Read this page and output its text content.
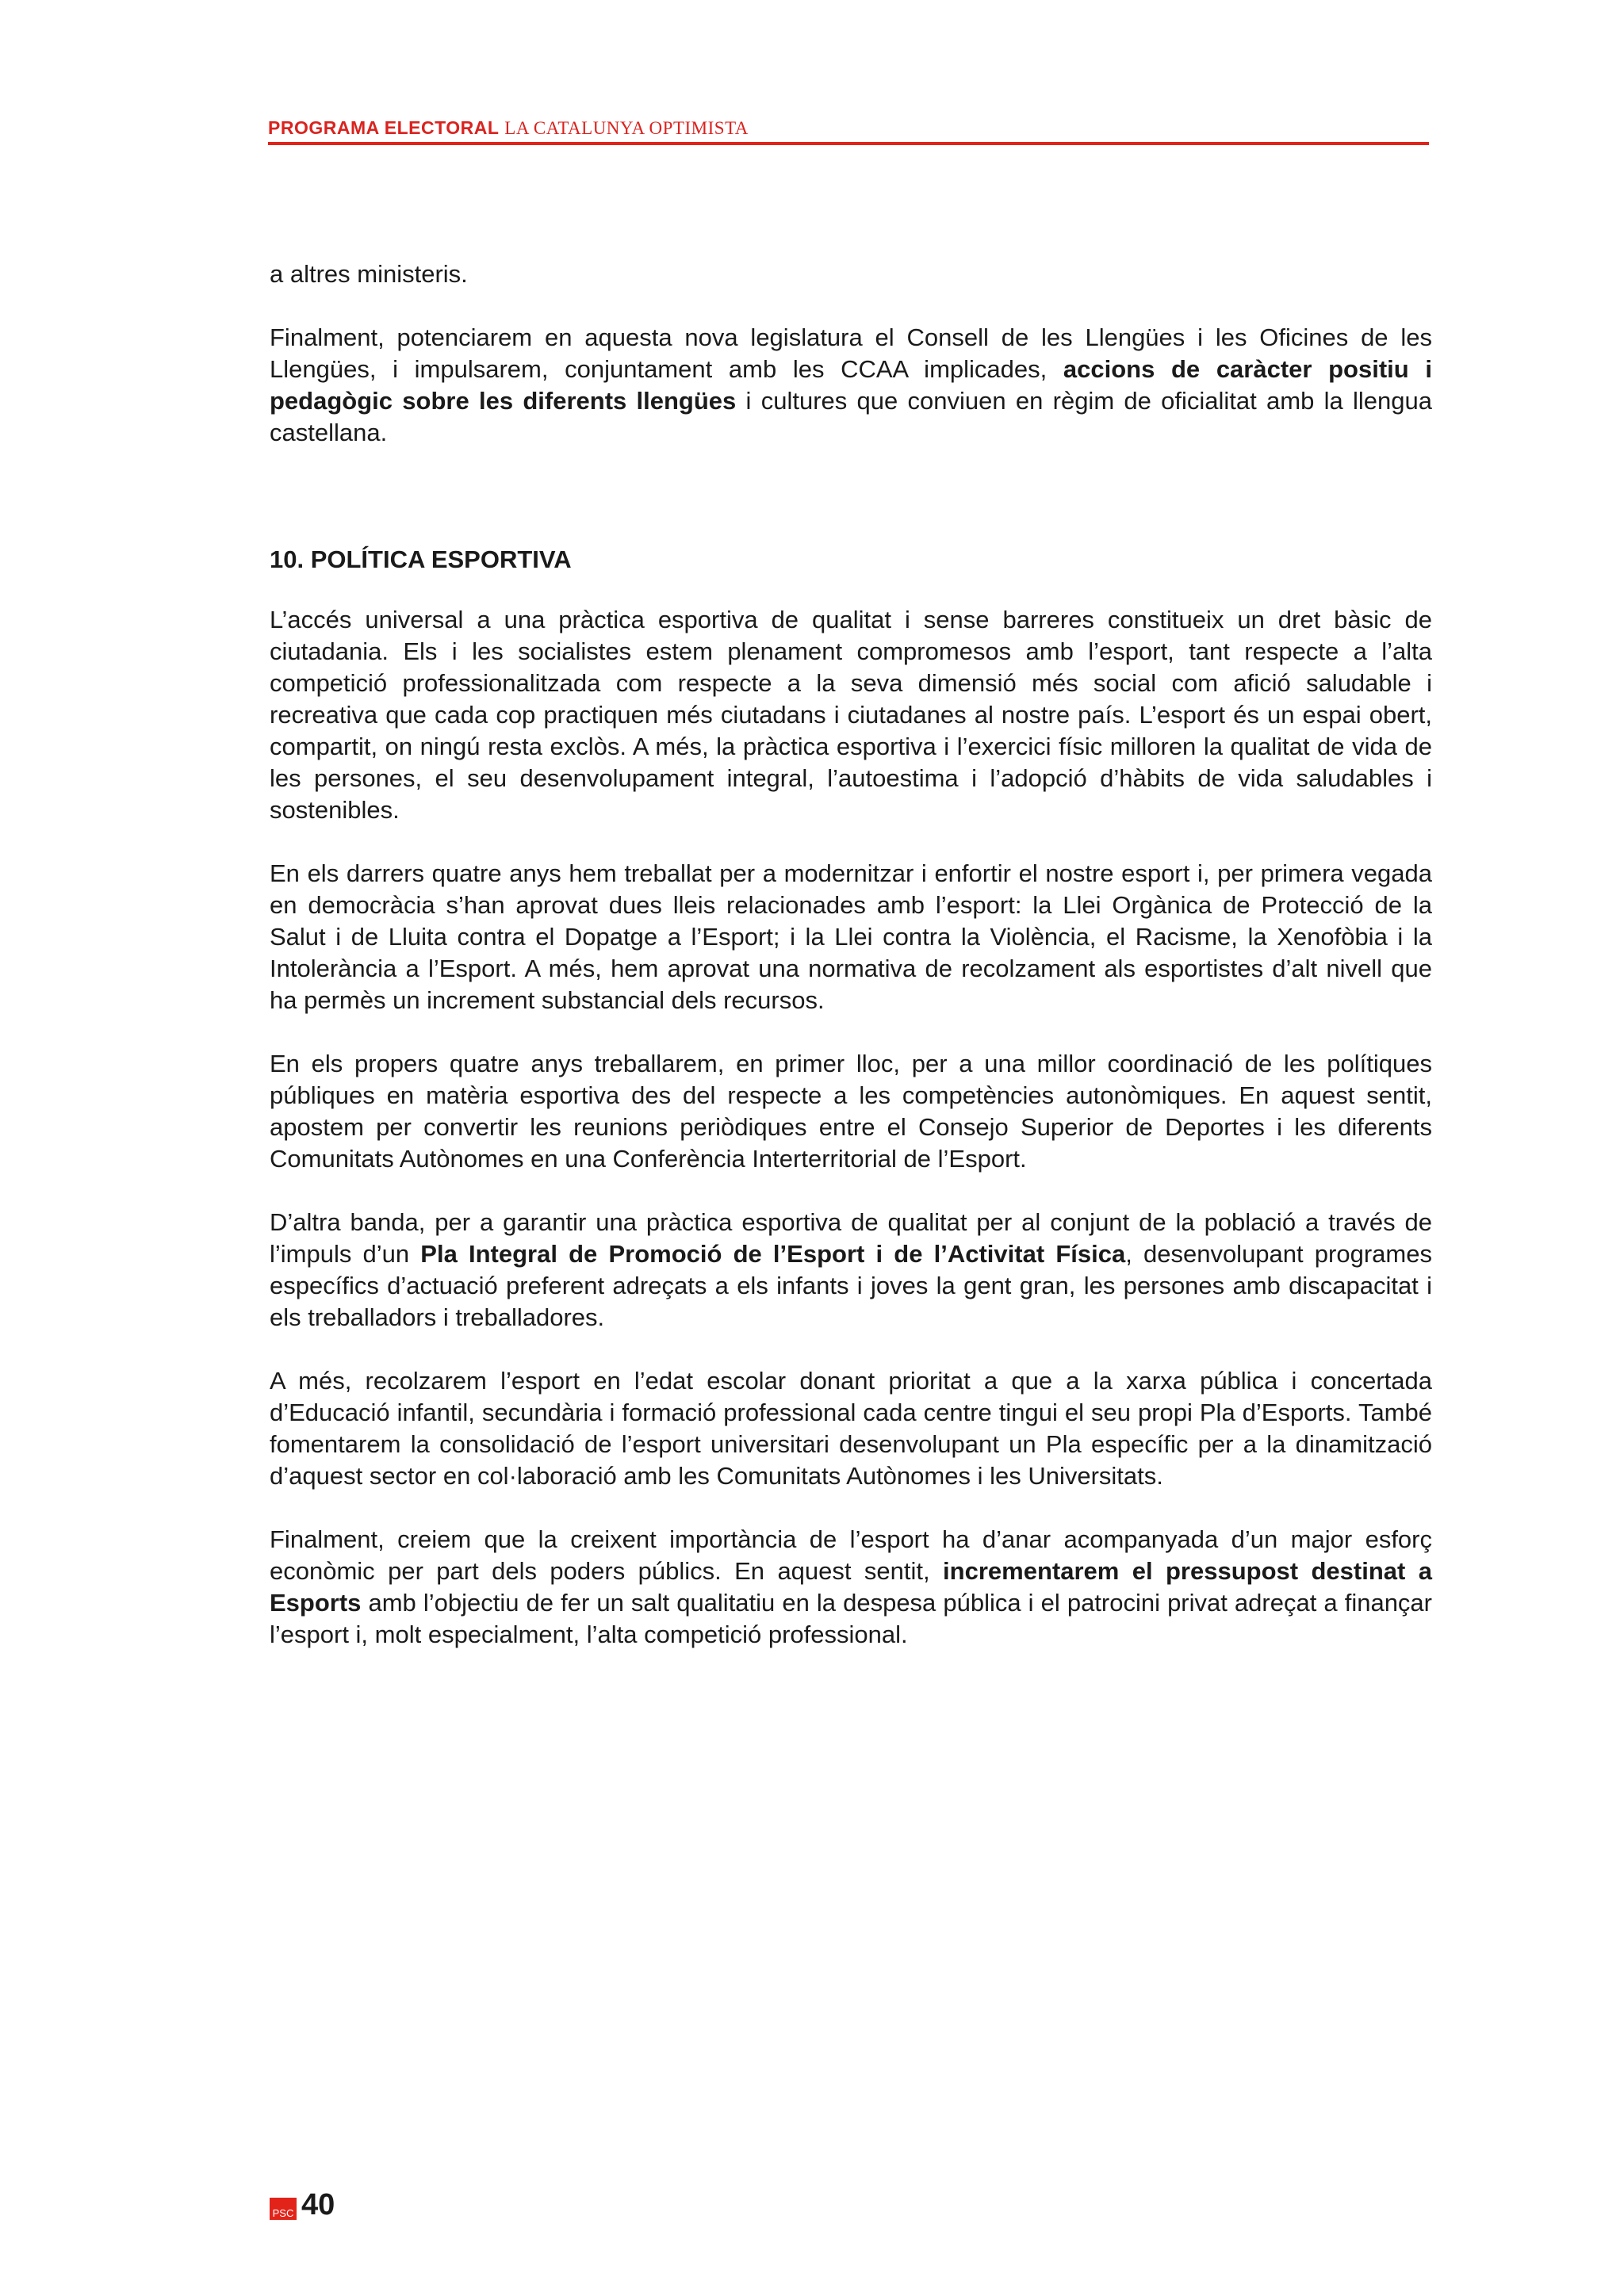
PROGRAMA ELECTORAL LA CATALUNYA OPTIMISTA

a altres ministeris.

Finalment, potenciarem en aquesta nova legislatura el Consell de les Llengües i les Oficines de les Llengües, i impulsarem, conjuntament amb les CCAA implicades, accions de caràcter positiu i pedagògic sobre les diferents llengües i cultures que conviuen en règim de oficialitat amb la llengua castellana.

10. POLÍTICA ESPORTIVA

L’accés universal a una pràctica esportiva de qualitat i sense barreres constitueix un dret bàsic de ciutadania. Els i les socialistes estem plenament compromesos amb l’esport, tant respecte a l’alta competició professionalitzada com respecte a la seva dimensió més social com afició saludable i recreativa que cada cop practiquen més ciutadans i ciutadanes al nostre país. L’esport és un espai obert, compartit, on ningú resta exclòs. A més, la pràctica esportiva i l’exercici físic milloren la qualitat de vida de les persones, el seu desenvolupament integral, l’autoestima i l’adopció d’hàbits de vida saludables i sostenibles.

En els darrers quatre anys hem treballat per a modernitzar i enfortir el nostre esport i, per primera vegada en democràcia s’han aprovat dues lleis relacionades amb l’esport: la Llei Orgànica de Protecció de la Salut i de Lluita contra el Dopatge a l’Esport; i la Llei contra la Violència, el Racisme, la Xenofòbia i la Intolerància a l’Esport. A més, hem aprovat una normativa de recolzament als esportistes d’alt nivell que ha permès un increment substancial dels recursos.

En els propers quatre anys treballarem, en primer lloc, per a una millor coordinació de les polítiques públiques en matèria esportiva des del respecte a les competències autonòmiques. En aquest sentit, apostem per convertir les reunions periòdiques entre el Consejo Superior de Deportes i les diferents Comunitats Autònomes en una Conferència Interterritorial de l’Esport.

D’altra banda, per a garantir una pràctica esportiva de qualitat per al conjunt de la població a través de l’impuls d’un Pla Integral de Promoció de l’Esport i de l’Activitat Física, desenvolupant programes específics d’actuació preferent adreçats a els infants i joves la gent gran, les persones amb discapacitat i els treballadors i treballadores.

A més, recolzarem l’esport en l’edat escolar donant prioritat a que a la xarxa pública i concertada d’Educació infantil, secundària i formació professional cada centre tingui el seu propi Pla d’Esports. També fomentarem la consolidació de l’esport universitari desenvolupant un Pla específic per a la dinamització d’aquest sector en col·laboració amb les Comunitats Autònomes i les Universitats.

Finalment, creiem que la creixent importància de l’esport ha d’anar acompanyada d’un major esforç econòmic per part dels poders públics. En aquest sentit, incrementarem el pressupost destinat a Esports amb l’objectiu de fer un salt qualitatiu en la despesa pública i el patrocini privat adreçat a finançar l’esport i, molt especialment, l’alta competició professional.

PSC 40
